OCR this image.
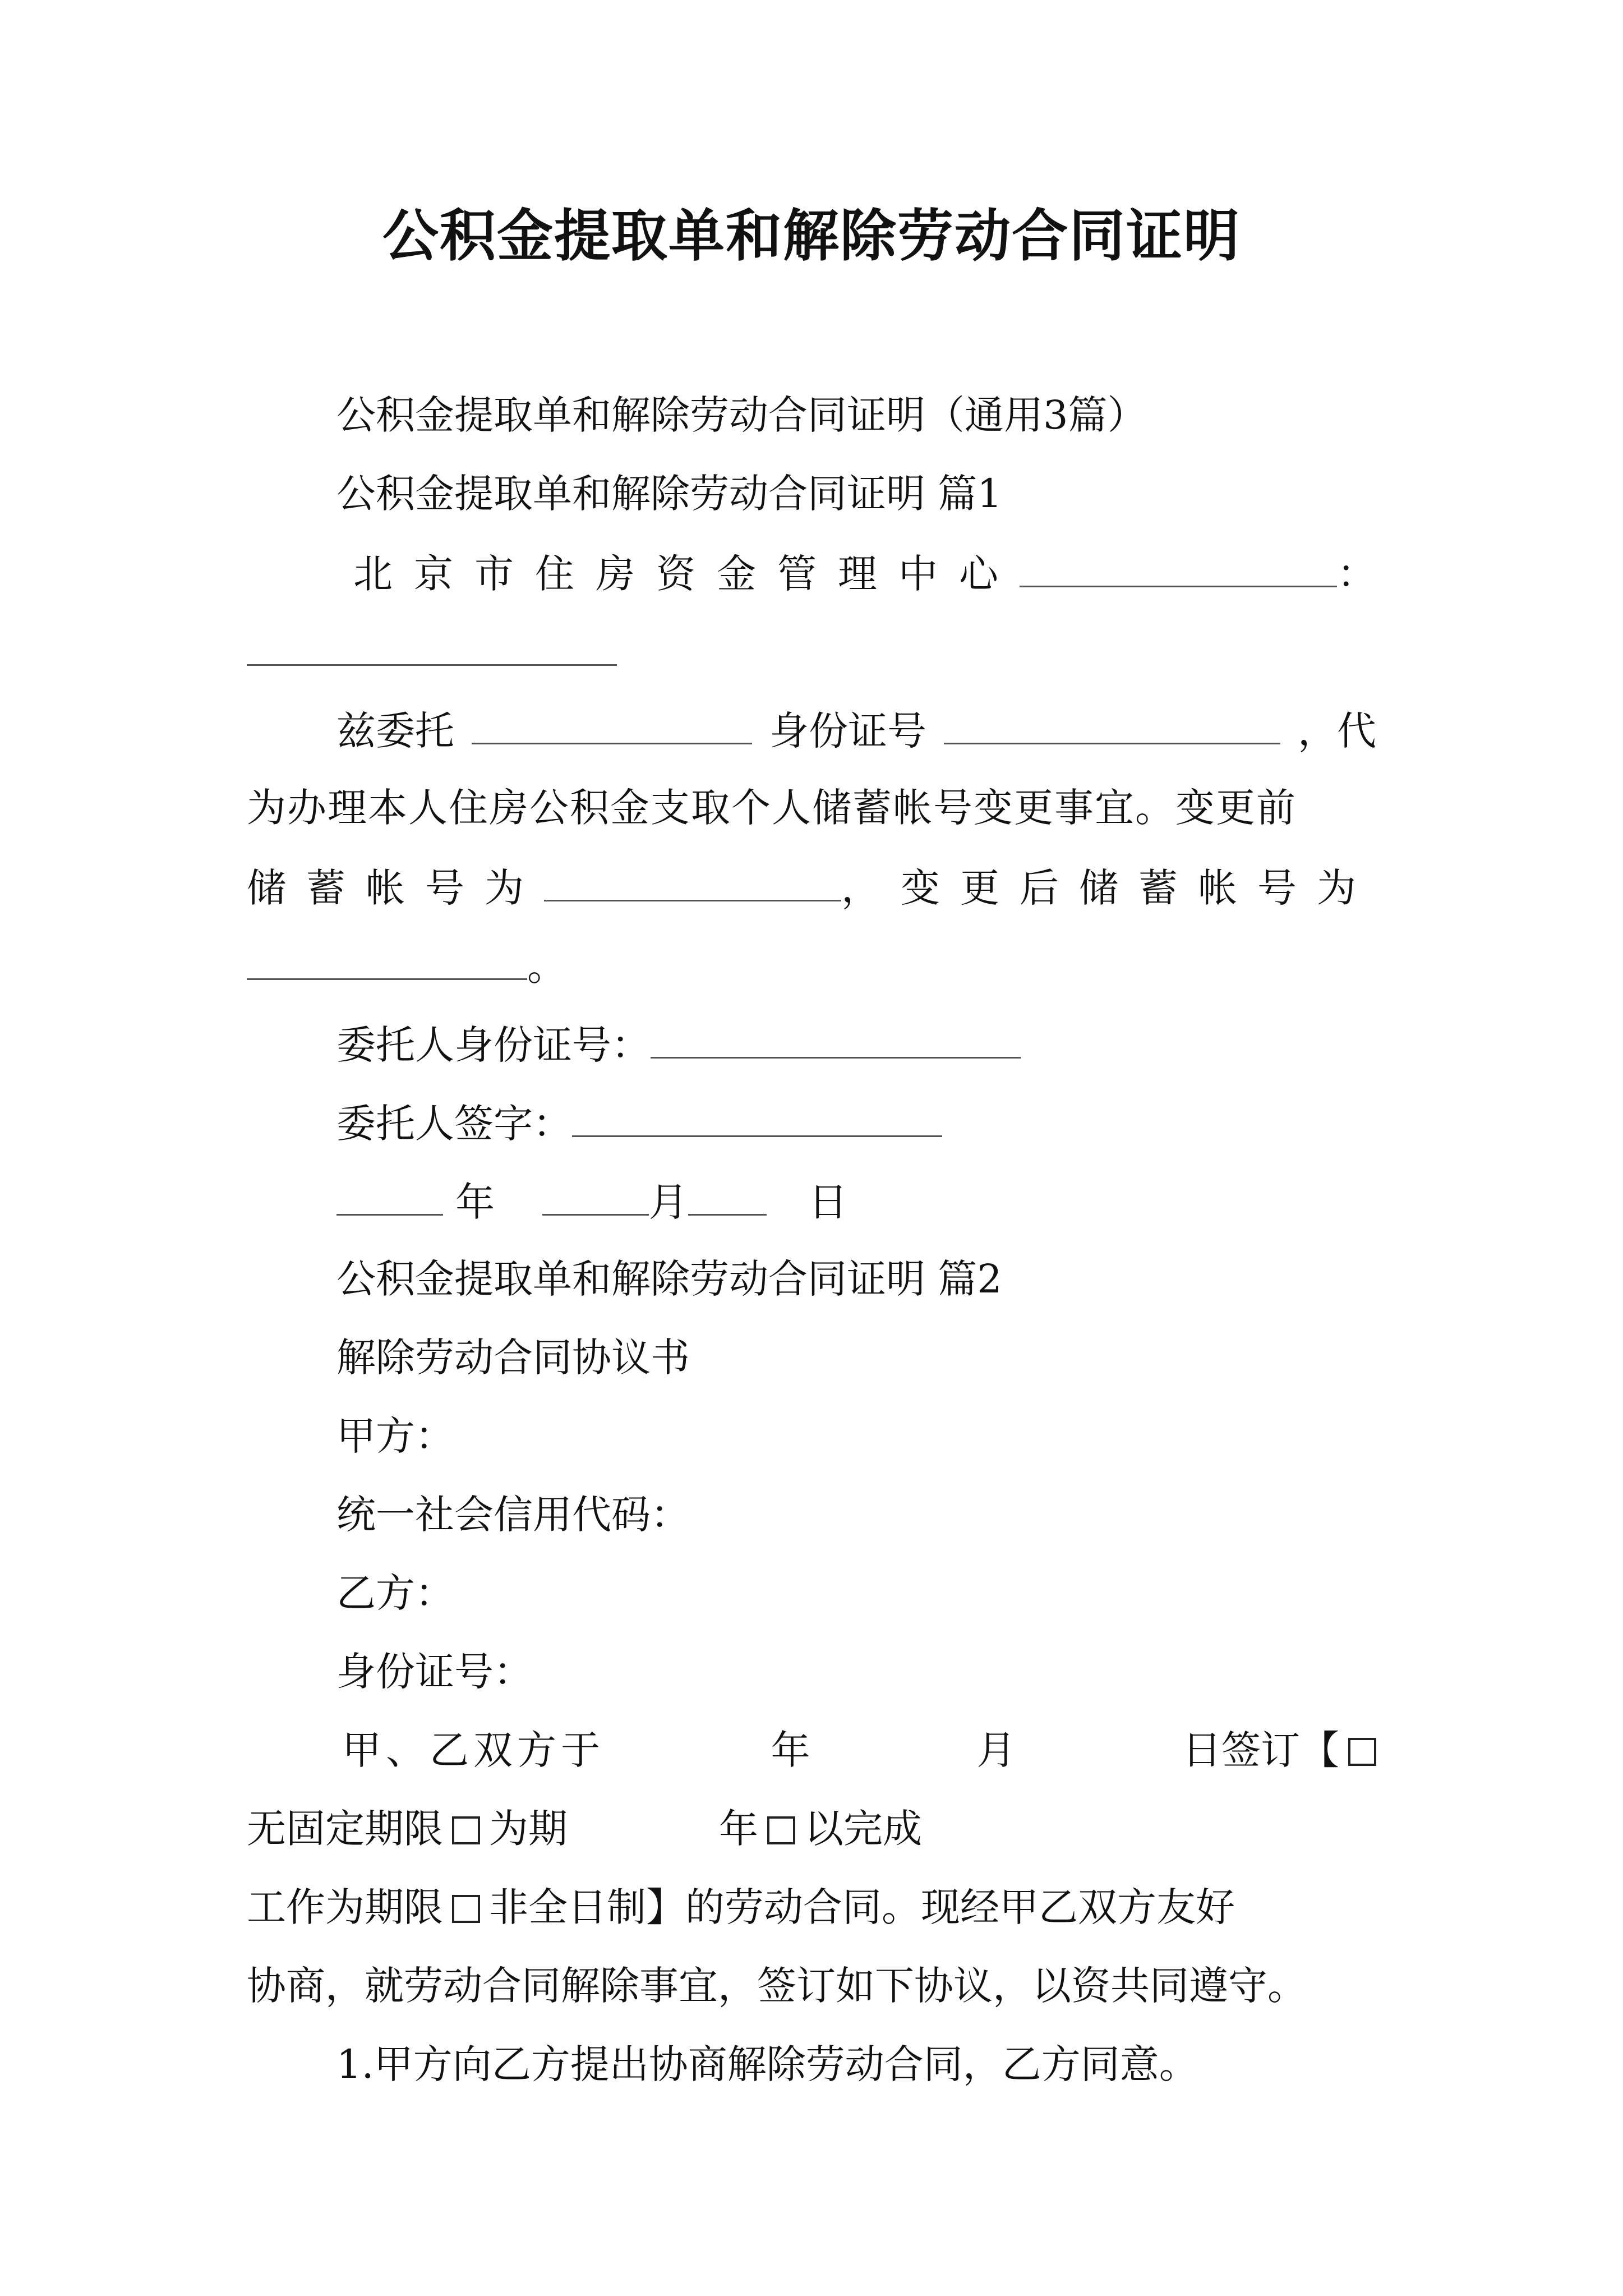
公积金提取单和解除劳动合同证明

公积金提取单和解除劳动合同证明（通用3篇）

公积金提取单和解除劳动合同证明 篇1

北京市住房资金管理中心	：
兹委托	身份证号	，代

为办理本人住房公积金支取个人储蓄帐号变更事宜。变更前

储蓄帐号为	，变更后储蓄帐号为
。
委托人身份证号：
委托人签字：
年	月	日

公积金提取单和解除劳动合同证明 篇2

解除劳动合同协议书

甲方：

统一社会信用代码：

乙方：

身份证号：

甲、乙双方于	年	月	日签订【
无固定期限 为期	年 以完成
工作为期限 非全日制】的劳动合同。现经甲乙双方友好

协商，就劳动合同解除事宜，签订如下协议，以资共同遵守。

1.甲方向乙方提出协商解除劳动合同，乙方同意。
